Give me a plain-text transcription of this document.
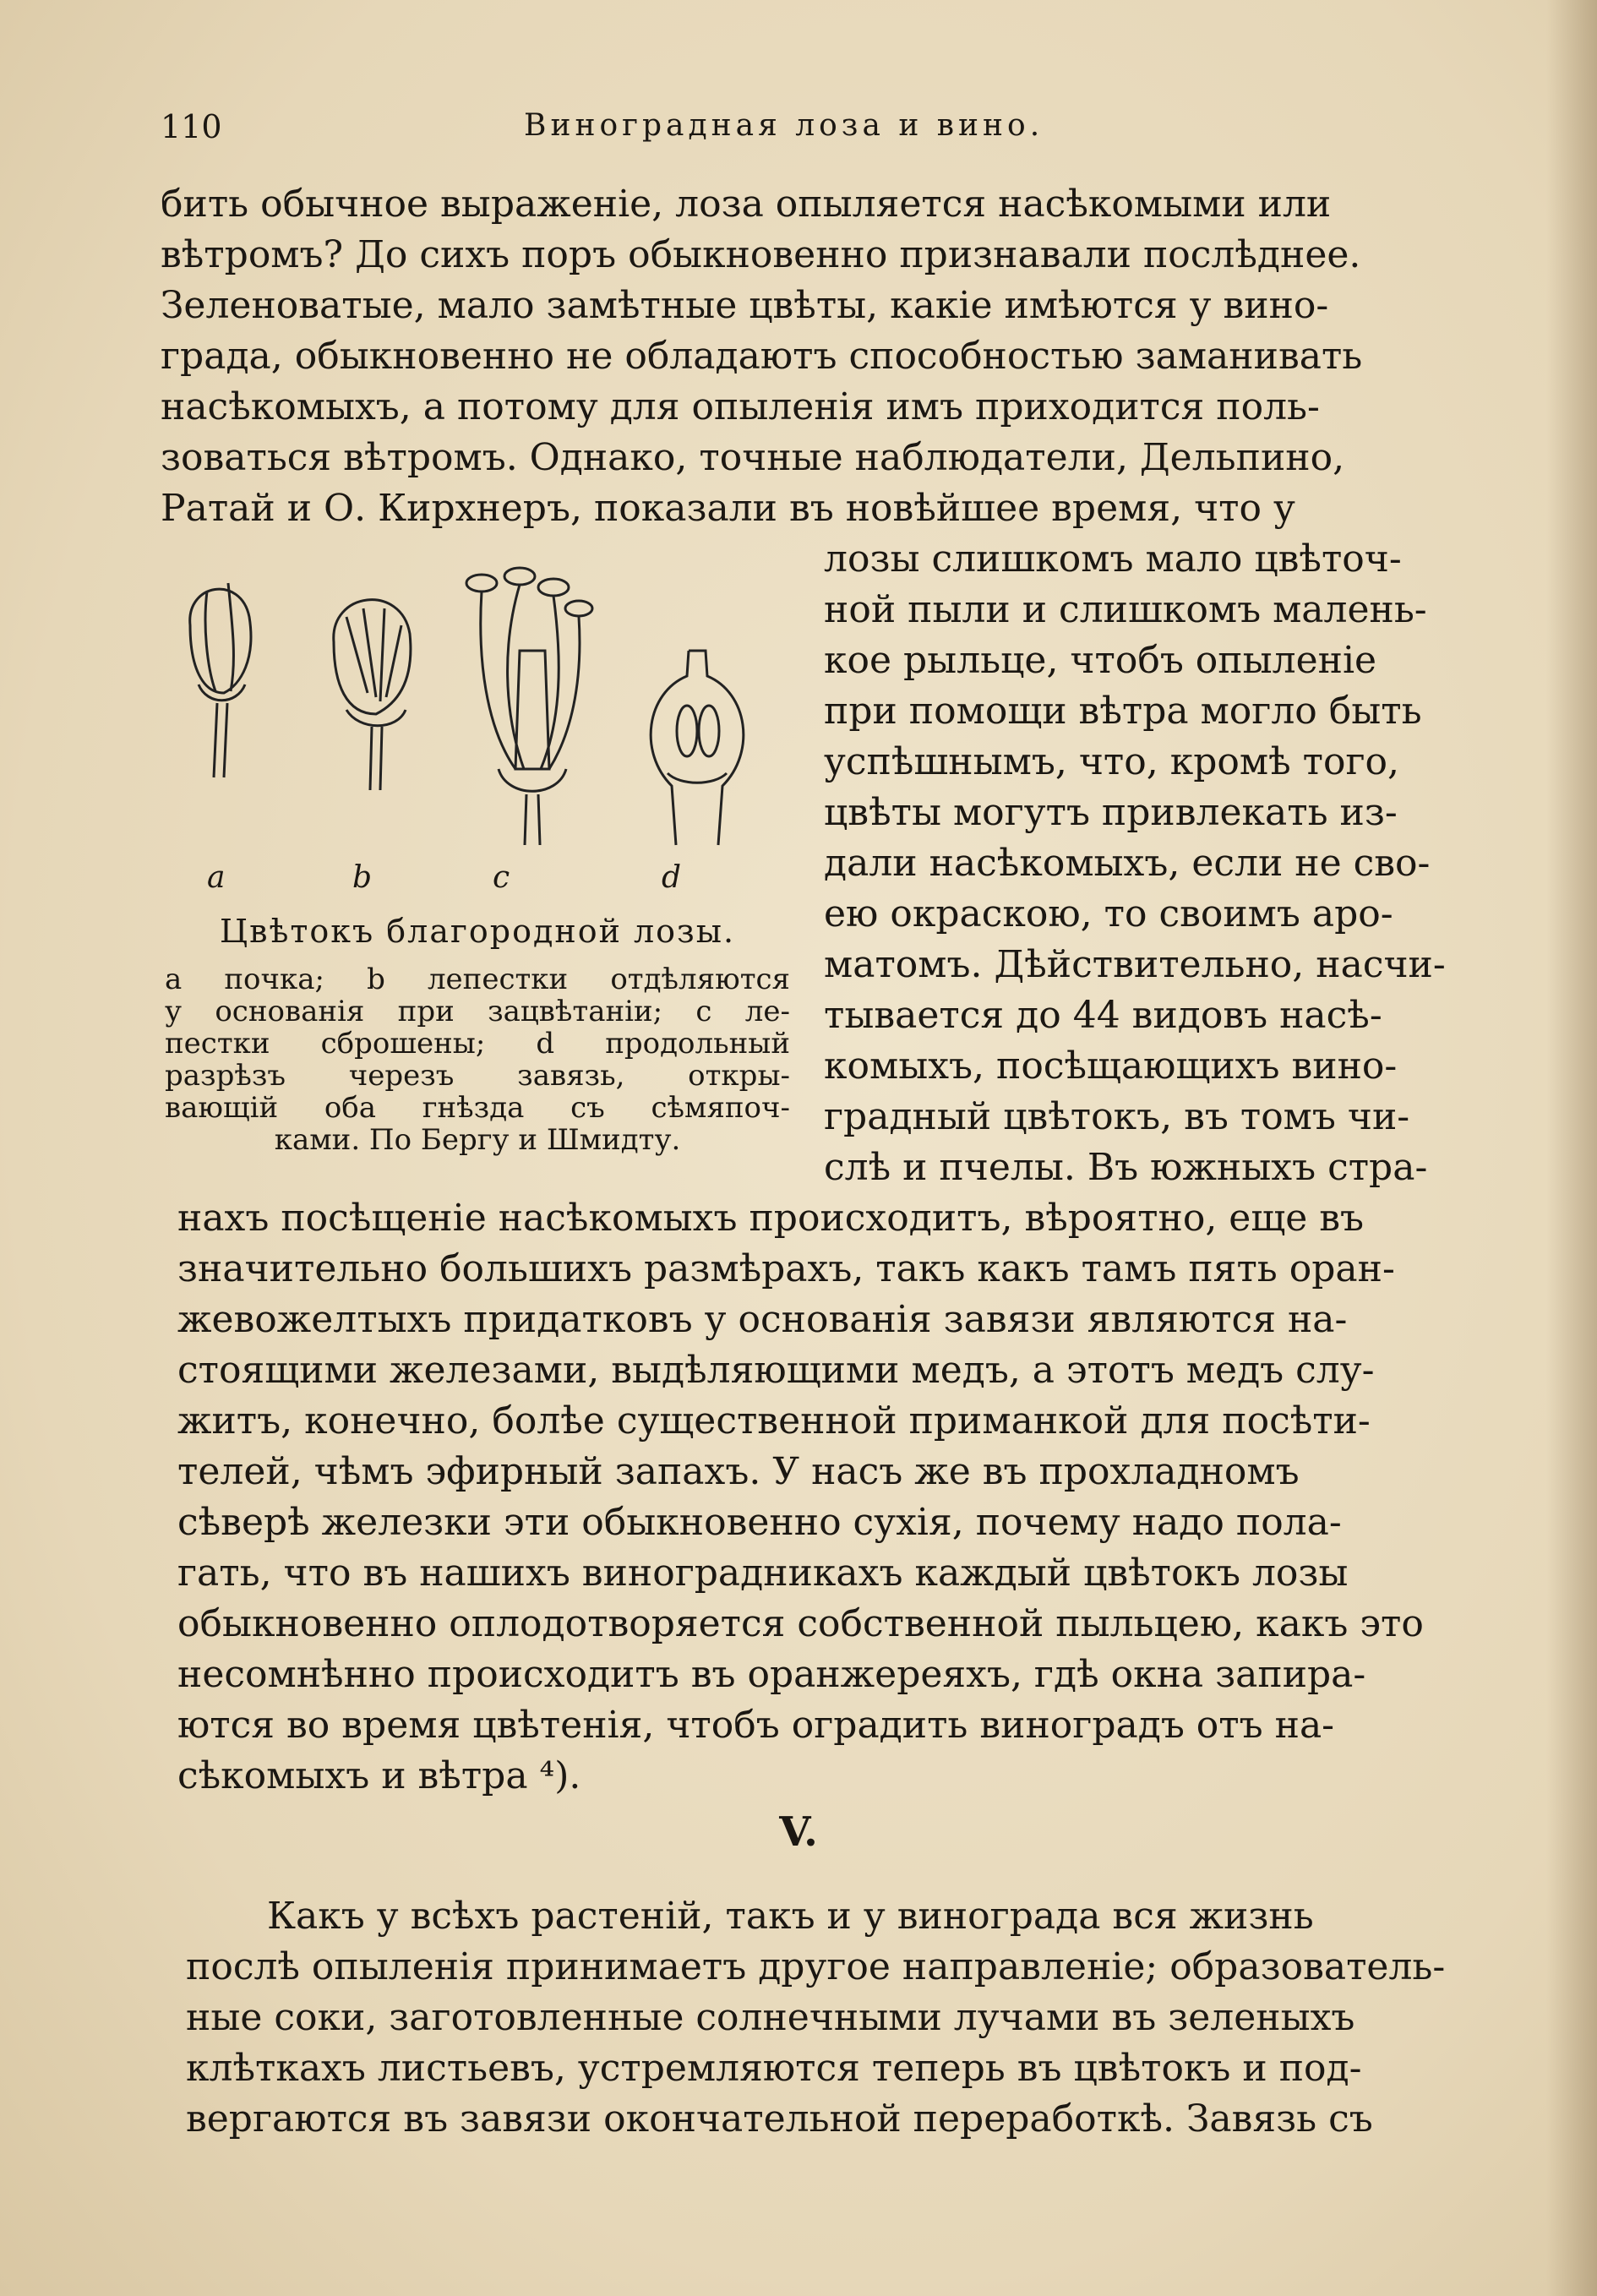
110	Виноградная лоза и вино.
бить обычное выраженіе, лоза опыляется насѣкомыми или
вѣтромъ? До сихъ поръ обыкновенно признавали послѣднее.
Зеленоватые, мало замѣтные цвѣты, какіе имѣются у вино-
града, обыкновенно не обладаютъ способностью заманивать
насѣкомыхъ, а потому для опыленія имъ приходится поль-
зоваться вѣтромъ. Однако, точные наблюдатели, Дельпино,
Ратай и О. Кирхнеръ, показали въ новѣйшее время, что у
a	b	c	d
Цвѣтокъ благородной лозы.
a почка; b лепестки отдѣляются
у основанія при зацвѣтаніи; c ле-
пестки сброшены; d продольный
разрѣзъ черезъ завязь, откры-
вающій оба гнѣзда съ сѣмяпоч-
ками. По Бергу и Шмидту.
лозы слишкомъ мало цвѣточ-
ной пыли и слишкомъ малень-
кое рыльце, чтобъ опыленіе
при помощи вѣтра могло быть
успѣшнымъ, что, кромѣ того,
цвѣты могутъ привлекать из-
дали насѣкомыхъ, если не сво-
ею окраскою, то своимъ аро-
матомъ. Дѣйствительно, насчи-
тывается до 44 видовъ насѣ-
комыхъ, посѣщающихъ вино-
градный цвѣтокъ, въ томъ чи-
слѣ и пчелы. Въ южныхъ стра-
нахъ посѣщеніе насѣкомыхъ происходитъ, вѣроятно, еще въ
значительно большихъ размѣрахъ, такъ какъ тамъ пять оран-
жевожелтыхъ придатковъ у основанія завязи являются на-
стоящими железами, выдѣляющими медъ, а этотъ медъ слу-
житъ, конечно, болѣе существенной приманкой для посѣти-
телей, чѣмъ эфирный запахъ. У насъ же въ прохладномъ
сѣверѣ железки эти обыкновенно сухія, почему надо пола-
гать, что въ нашихъ виноградникахъ каждый цвѣтокъ лозы
обыкновенно оплодотворяется собственной пыльцею, какъ это
несомнѣнно происходитъ въ оранжереяхъ, гдѣ окна запира-
ются во время цвѣтенія, чтобъ оградить виноградъ отъ на-
сѣкомыхъ и вѣтра ⁴).
V.
Какъ у всѣхъ растеній, такъ и у винограда вся жизнь
послѣ опыленія принимаетъ другое направленіе; образователь-
ные соки, заготовленные солнечными лучами въ зеленыхъ
клѣткахъ листьевъ, устремляются теперь въ цвѣтокъ и под-
вергаются въ завязи окончательной переработкѣ. Завязь съ
